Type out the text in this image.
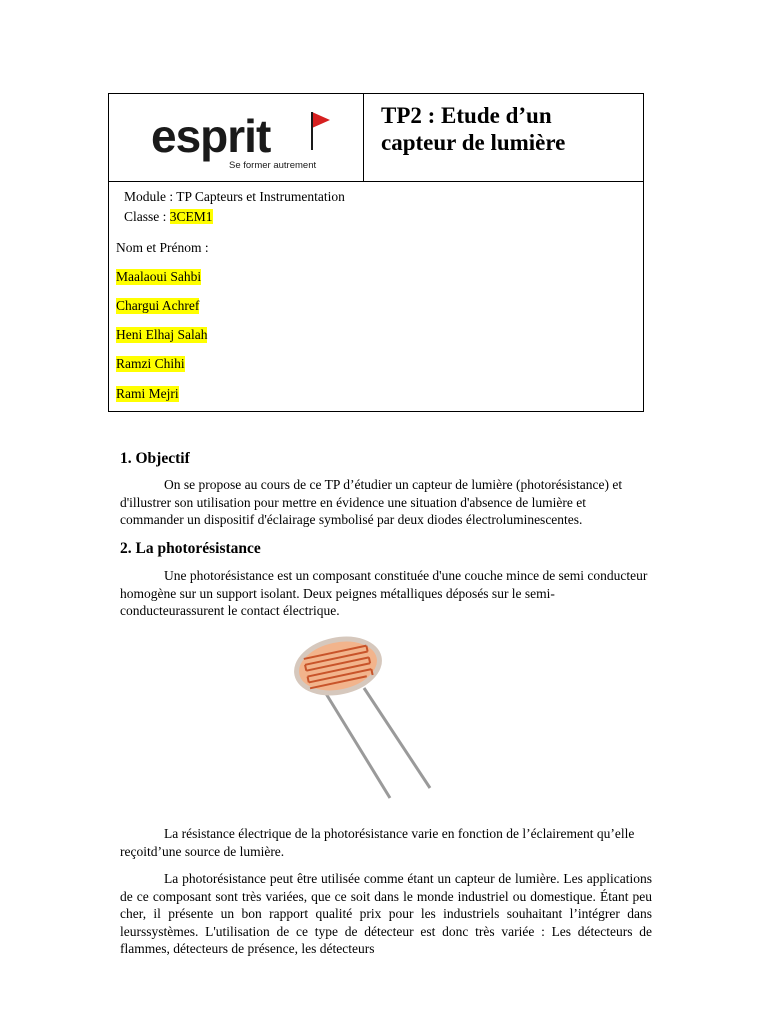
esprit
Se former autrement

TP2 : Etude d’un capteur de lumière

Module : TP Capteurs et Instrumentation
Classe : 3CEM1
Nom et Prénom :
Maalaoui Sahbi
Chargui Achref
Heni Elhaj Salah
Ramzi Chihi
Rami Mejri
1. Objectif

On se propose au cours de ce TP d’étudier un capteur de lumière (photorésistance) et d'illustrer son utilisation pour mettre en évidence une situation d'absence de lumière et commander un dispositif d'éclairage symbolisé par deux diodes électroluminescentes.

2. La photorésistance

Une photorésistance est un composant constituée d'une couche mince de semi conducteur homogène sur un support isolant. Deux peignes métalliques déposés sur le semi-conducteurassurent le contact électrique.

La résistance électrique de la photorésistance varie en fonction de l’éclairement qu’elle reçoitd’une source de lumière.

La photorésistance peut être utilisée comme étant un capteur de lumière. Les applications de ce composant sont très variées, que ce soit dans le monde industriel ou domestique. Étant peu cher, il présente un bon rapport qualité prix pour les industriels souhaitant l’intégrer dans leurssystèmes. L'utilisation de ce type de détecteur est donc très variée : Les détecteurs de flammes, détecteurs de présence, les détecteurs
